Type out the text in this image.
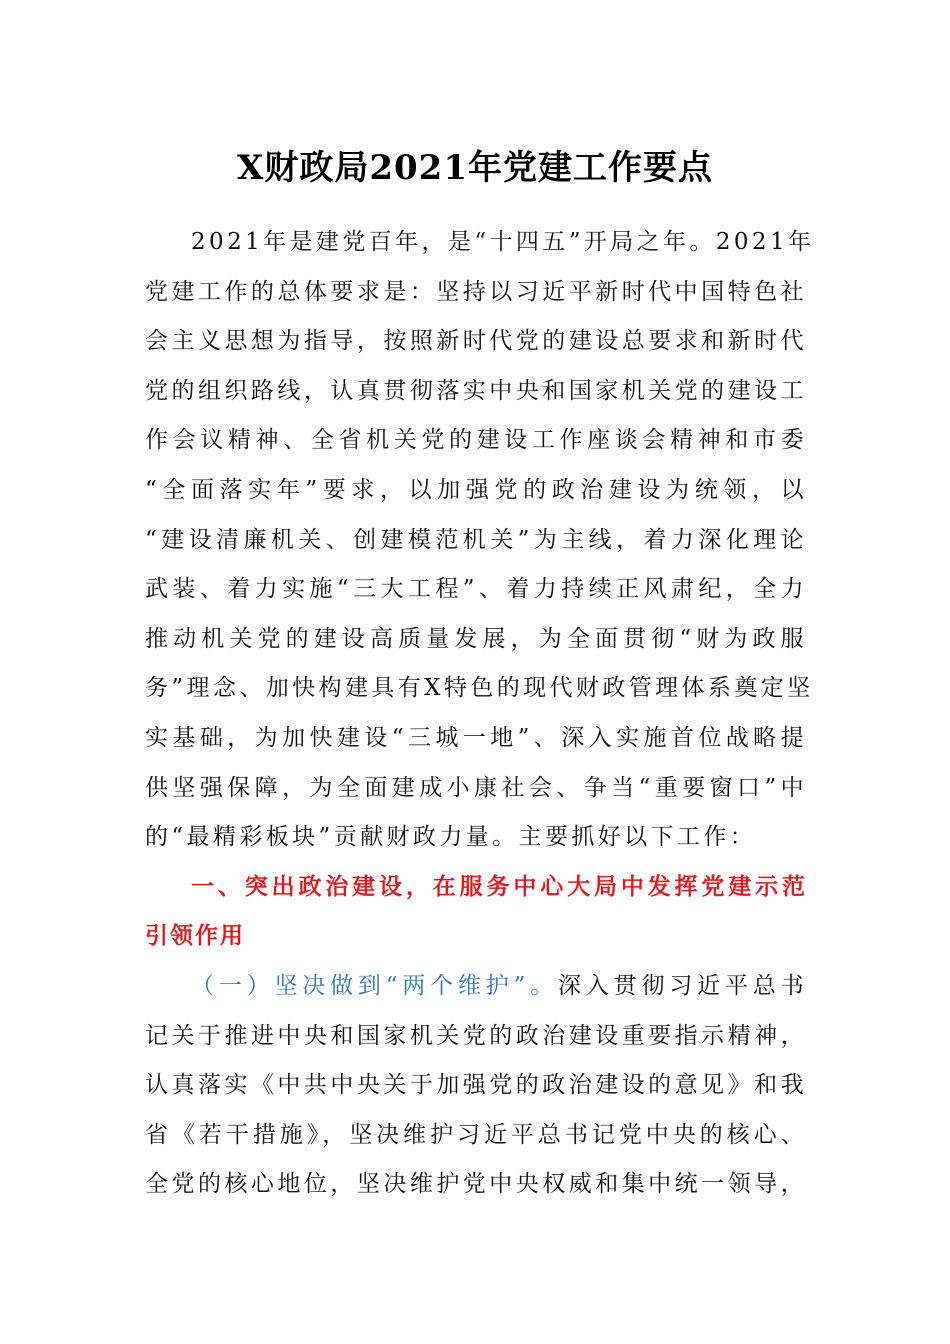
X财政局2021年党建工作要点
2021年是建党百年，是“十四五”开局之年。2021年
党建工作的总体要求是：坚持以习近平新时代中国特色社
会主义思想为指导，按照新时代党的建设总要求和新时代
党的组织路线，认真贯彻落实中央和国家机关党的建设工
作会议精神、全省机关党的建设工作座谈会精神和市委
“全面落实年”要求，以加强党的政治建设为统领，以
“建设清廉机关、创建模范机关”为主线，着力深化理论
武装、着力实施“三大工程”、着力持续正风肃纪，全力
推动机关党的建设高质量发展，为全面贯彻“财为政服
务”理念、加快构建具有X特色的现代财政管理体系奠定坚
实基础，为加快建设“三城一地”、深入实施首位战略提
供坚强保障，为全面建成小康社会、争当“重要窗口”中
的“最精彩板块”贡献财政力量。主要抓好以下工作：
一、突出政治建设，在服务中心大局中发挥党建示范
引领作用
（一）坚决做到“两个维护”。深入贯彻习近平总书
记关于推进中央和国家机关党的政治建设重要指示精神，
认真落实《中共中央关于加强党的政治建设的意见》和我
省《若干措施》，坚决维护习近平总书记党中央的核心、
全党的核心地位，坚决维护党中央权威和集中统一领导，
